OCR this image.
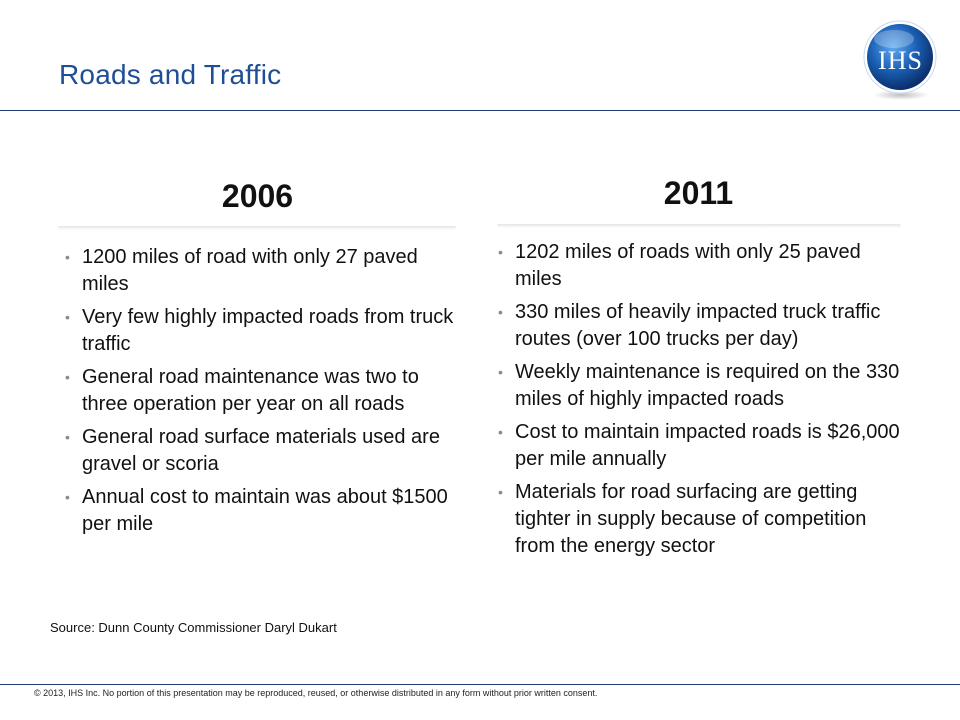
Roads and Traffic	IHS
2006
• 1200 miles of road with only 27 paved miles
• Very few highly impacted roads from truck traffic
• General road maintenance was two to three operation per year on all roads
• General road surface materials used are gravel or scoria
• Annual cost to maintain was about $1500 per mile
2011
• 1202 miles of roads with only 25 paved miles
• 330 miles of heavily impacted truck traffic routes (over 100 trucks per day)
• Weekly maintenance is required on the 330 miles of highly impacted roads
• Cost to maintain impacted roads is $26,000 per mile annually
• Materials for road surfacing are getting tighter in supply because of competition from the energy sector
Source: Dunn County Commissioner Daryl Dukart
© 2013, IHS Inc. No portion of this presentation may be reproduced, reused, or otherwise distributed in any form without prior written consent.
